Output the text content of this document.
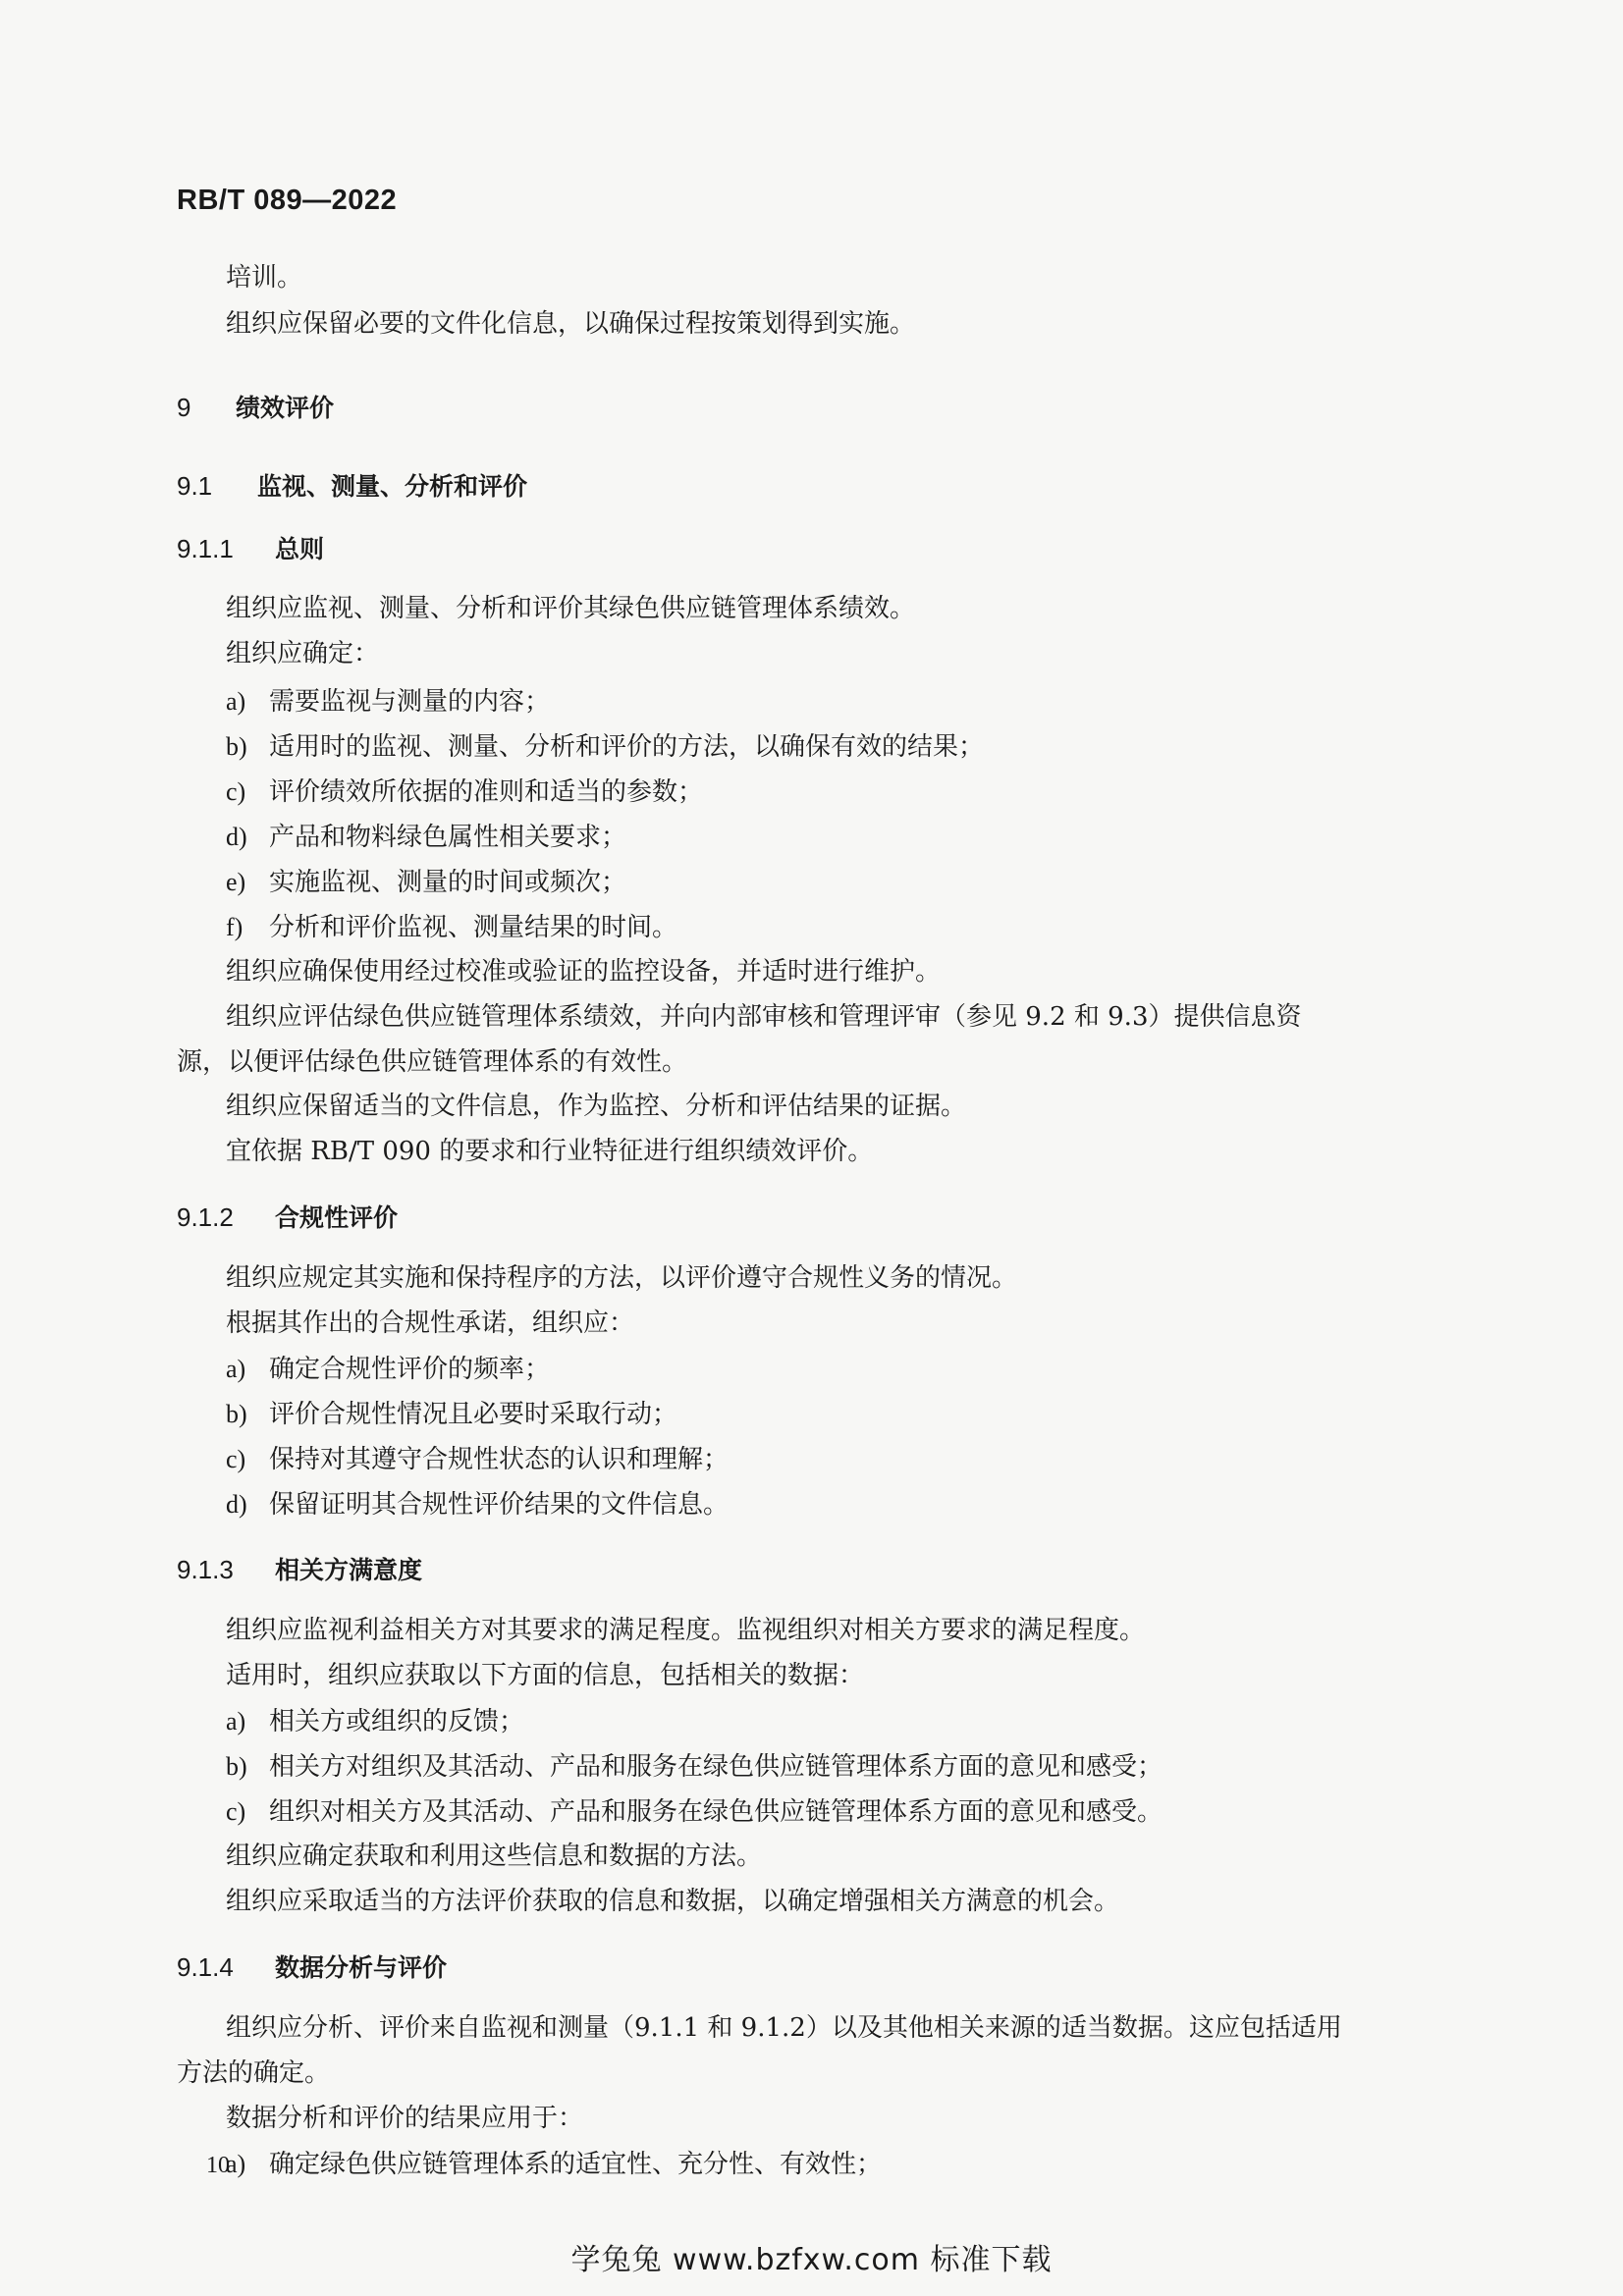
RB/T 089—2022
培训。
组织应保留必要的文件化信息，以确保过程按策划得到实施。
9 绩效评价
9.1 监视、测量、分析和评价
9.1.1 总则
组织应监视、测量、分析和评价其绿色供应链管理体系绩效。
组织应确定：
a) 需要监视与测量的内容；
b) 适用时的监视、测量、分析和评价的方法，以确保有效的结果；
c) 评价绩效所依据的准则和适当的参数；
d) 产品和物料绿色属性相关要求；
e) 实施监视、测量的时间或频次；
f) 分析和评价监视、测量结果的时间。
组织应确保使用经过校准或验证的监控设备，并适时进行维护。
组织应评估绿色供应链管理体系绩效，并向内部审核和管理评审（参见 9.2 和 9.3）提供信息资
源，以便评估绿色供应链管理体系的有效性。
组织应保留适当的文件信息，作为监控、分析和评估结果的证据。
宜依据 RB/T 090 的要求和行业特征进行组织绩效评价。
9.1.2 合规性评价
组织应规定其实施和保持程序的方法，以评价遵守合规性义务的情况。
根据其作出的合规性承诺，组织应：
a) 确定合规性评价的频率；
b) 评价合规性情况且必要时采取行动；
c) 保持对其遵守合规性状态的认识和理解；
d) 保留证明其合规性评价结果的文件信息。
9.1.3 相关方满意度
组织应监视利益相关方对其要求的满足程度。监视组织对相关方要求的满足程度。
适用时，组织应获取以下方面的信息，包括相关的数据：
a) 相关方或组织的反馈；
b) 相关方对组织及其活动、产品和服务在绿色供应链管理体系方面的意见和感受；
c) 组织对相关方及其活动、产品和服务在绿色供应链管理体系方面的意见和感受。
组织应确定获取和利用这些信息和数据的方法。
组织应采取适当的方法评价获取的信息和数据，以确定增强相关方满意的机会。
9.1.4 数据分析与评价
组织应分析、评价来自监视和测量（9.1.1 和 9.1.2）以及其他相关来源的适当数据。这应包括适用
方法的确定。
数据分析和评价的结果应用于：
a) 确定绿色供应链管理体系的适宜性、充分性、有效性；
10
学兔兔 www.bzfxw.com 标准下载
